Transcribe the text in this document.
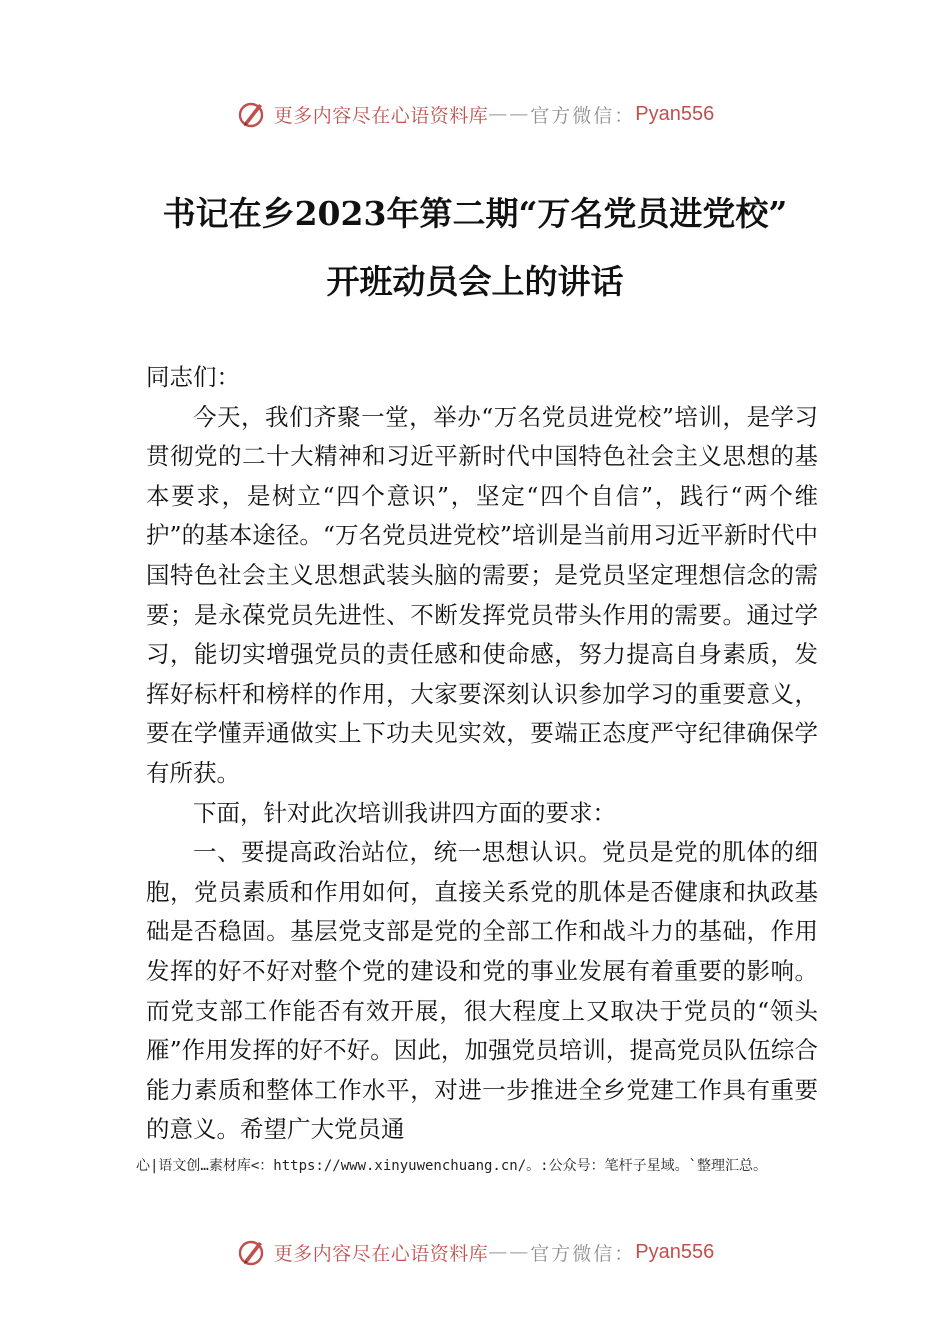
更多内容尽在心语资料库 —— 官方微信： Pyan556
书记在乡2023年第二期“万名党员进党校”
开班动员会上的讲话

同志们：

今天，我们齐聚一堂，举办“万名党员进党校”培训，是学习贯彻党的二十大精神和习近平新时代中国特色社会主义思想的基本要求，是树立“四个意识”，坚定“四个自信”，践行“两个维护”的基本途径。“万名党员进党校”培训是当前用习近平新时代中国特色社会主义思想武装头脑的需要；是党员坚定理想信念的需要；是永葆党员先进性、不断发挥党员带头作用的需要。通过学习，能切实增强党员的责任感和使命感，努力提高自身素质，发挥好标杆和榜样的作用，大家要深刻认识参加学习的重要意义，要在学懂弄通做实上下功夫见实效，要端正态度严守纪律确保学有所获。

下面，针对此次培训我讲四方面的要求：

一、要提高政治站位，统一思想认识。党员是党的肌体的细胞，党员素质和作用如何，直接关系党的肌体是否健康和执政基础是否稳固。基层党支部是党的全部工作和战斗力的基础，作用发挥的好不好对整个党的建设和党的事业发展有着重要的影响。而党支部工作能否有效开展，很大程度上又取决于党员的“领头雁”作用发挥的好不好。因此，加强党员培训，提高党员队伍综合能力素质和整体工作水平，对进一步推进全乡党建工作具有重要的意义。希望广大党员通

心|语文创…素材库<：https://www.xinyuwenchuang.cn/。:公众号：笔杆子星域。`整理汇总。
更多内容尽在心语资料库 —— 官方微信： Pyan556
